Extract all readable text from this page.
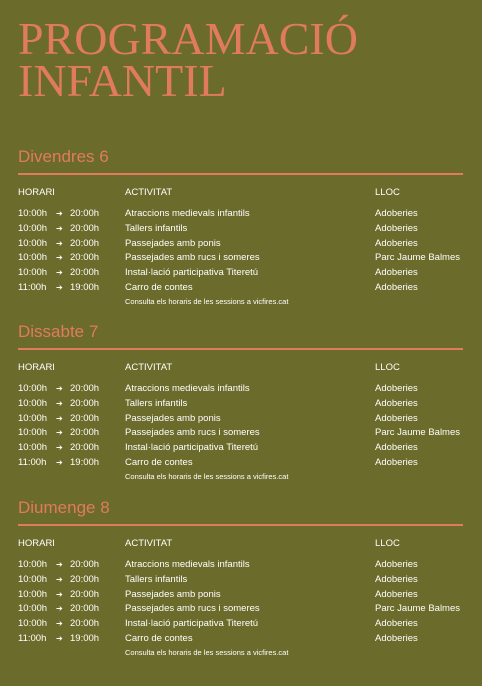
PROGRAMACIÓ
INFANTIL
Divendres 6
HORARI	ACTIVITAT	LLOC
10:00h ➔ 20:00h	Atraccions medievals infantils	Adoberies
10:00h ➔ 20:00h	Tallers infantils	Adoberies
10:00h ➔ 20:00h	Passejades amb ponis	Adoberies
10:00h ➔ 20:00h	Passejades amb rucs i someres	Parc Jaume Balmes
10:00h ➔ 20:00h	Instal·lació participativa Titeretú	Adoberies
11:00h ➔ 19:00h	Carro de contes	Adoberies
Consulta els horaris de les sessions a vicfires.cat
Dissabte 7
HORARI	ACTIVITAT	LLOC
10:00h ➔ 20:00h	Atraccions medievals infantils	Adoberies
10:00h ➔ 20:00h	Tallers infantils	Adoberies
10:00h ➔ 20:00h	Passejades amb ponis	Adoberies
10:00h ➔ 20:00h	Passejades amb rucs i someres	Parc Jaume Balmes
10:00h ➔ 20:00h	Instal·lació participativa Titeretú	Adoberies
11:00h ➔ 19:00h	Carro de contes	Adoberies
Consulta els horaris de les sessions a vicfires.cat
Diumenge 8
HORARI	ACTIVITAT	LLOC
10:00h ➔ 20:00h	Atraccions medievals infantils	Adoberies
10:00h ➔ 20:00h	Tallers infantils	Adoberies
10:00h ➔ 20:00h	Passejades amb ponis	Adoberies
10:00h ➔ 20:00h	Passejades amb rucs i someres	Parc Jaume Balmes
10:00h ➔ 20:00h	Instal·lació participativa Titeretú	Adoberies
11:00h ➔ 19:00h	Carro de contes	Adoberies
Consulta els horaris de les sessions a vicfires.cat
